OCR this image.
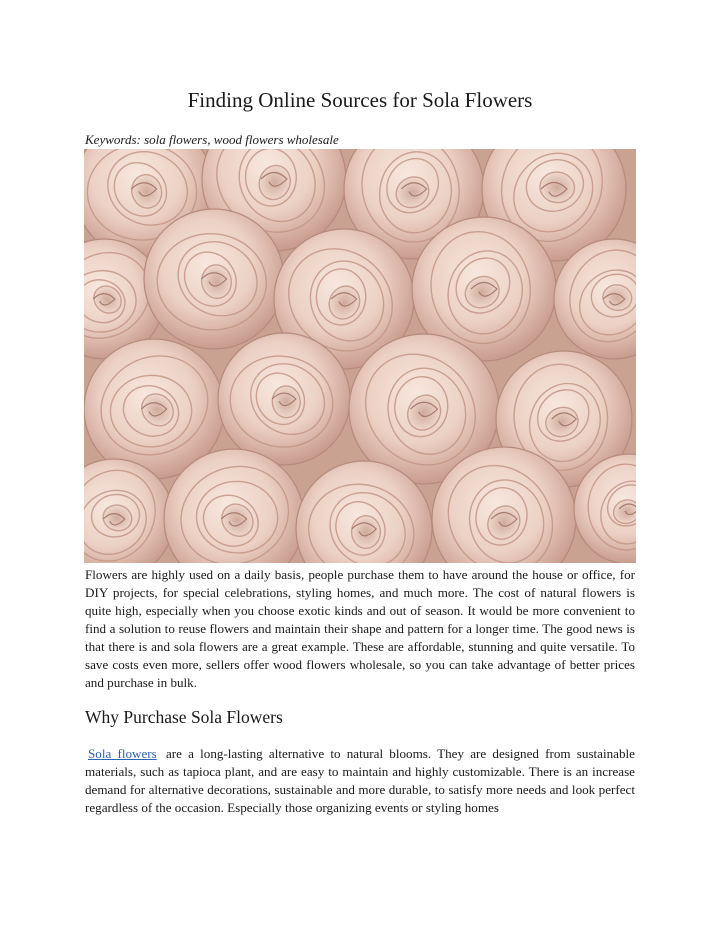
Finding Online Sources for Sola Flowers
Keywords: sola flowers, wood flowers wholesale

Flowers are highly used on a daily basis, people purchase them to have around the house or office, for DIY projects, for special celebrations, styling homes, and much more. The cost of natural flowers is quite high, especially when you choose exotic kinds and out of season. It would be more convenient to find a solution to reuse flowers and maintain their shape and pattern for a longer time. The good news is that there is and sola flowers are a great example. These are affordable, stunning and quite versatile. To save costs even more, sellers offer wood flowers wholesale, so you can take advantage of better prices and purchase in bulk.

Why Purchase Sola Flowers

Sola flowers are a long-lasting alternative to natural blooms. They are designed from sustainable materials, such as tapioca plant, and are easy to maintain and highly customizable. There is an increase demand for alternative decorations, sustainable and more durable, to satisfy more needs and look perfect regardless of the occasion. Especially those organizing events or styling homes
